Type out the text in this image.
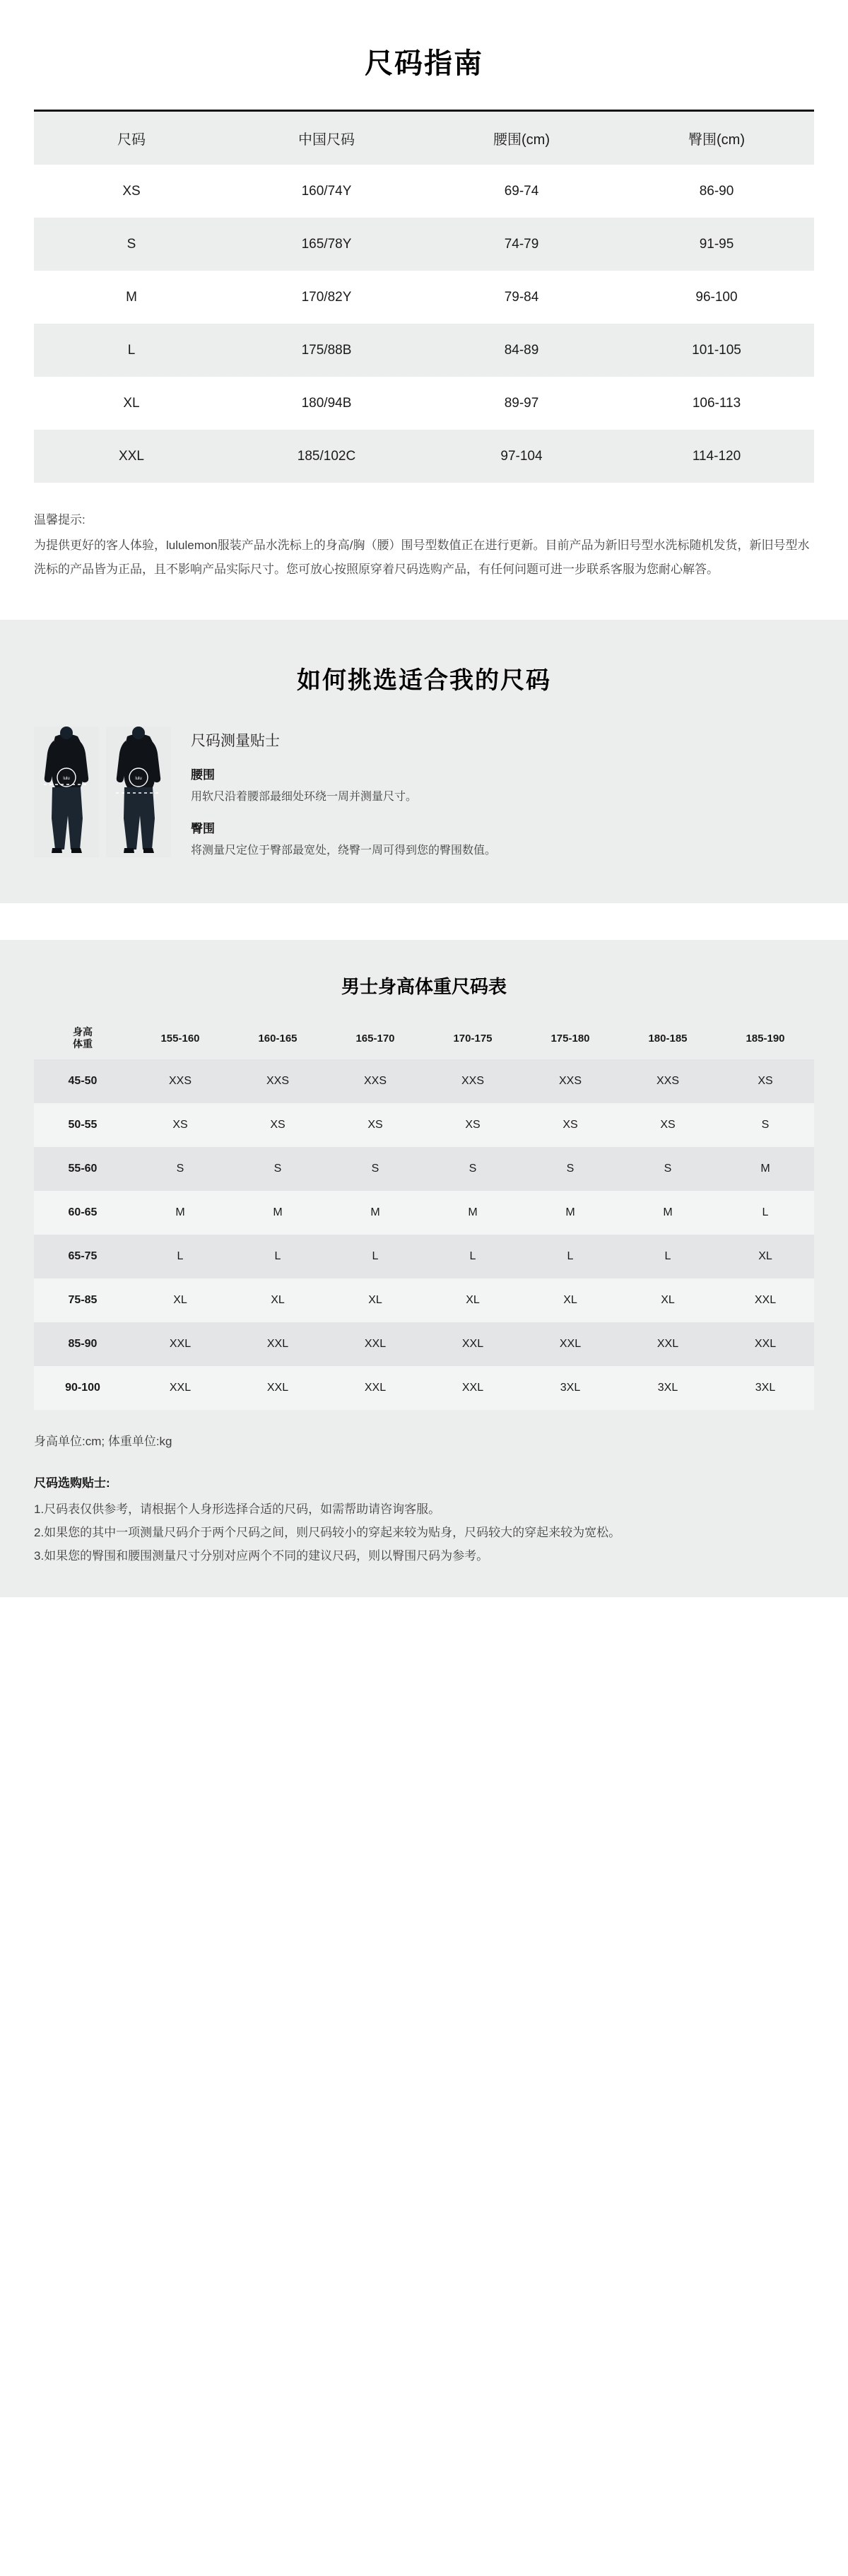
尺码指南
尺码	中国尺码	腰围(cm)	臀围(cm)
XS	160/74Y	69-74	86-90
S	165/78Y	74-79	91-95
M	170/82Y	79-84	96-100
L	175/88B	84-89	101-105
XL	180/94B	89-97	106-113
XXL	185/102C	97-104	114-120
温馨提示:
为提供更好的客人体验，lululemon服装产品水洗标上的身高/胸（腰）围号型数值正在进行更新。目前产品为新旧号型水洗标随机发货，新旧号型水洗标的产品皆为正品，且不影响产品实际尺寸。您可放心按照原穿着尺码选购产品，有任何问题可进一步联系客服为您耐心解答。
如何挑选适合我的尺码
lulu	lulu
尺码测量贴士
腰围
用软尺沿着腰部最细处环绕一周并测量尺寸。
臀围
将测量尺定位于臀部最宽处，绕臀一周可得到您的臀围数值。
男士身高体重尺码表
身高
体重	155-160	160-165	165-170	170-175	175-180	180-185	185-190
45-50	XXS	XXS	XXS	XXS	XXS	XXS	XS
50-55	XS	XS	XS	XS	XS	XS	S
55-60	S	S	S	S	S	S	M
60-65	M	M	M	M	M	M	L
65-75	L	L	L	L	L	L	XL
75-85	XL	XL	XL	XL	XL	XL	XXL
85-90	XXL	XXL	XXL	XXL	XXL	XXL	XXL
90-100	XXL	XXL	XXL	XXL	3XL	3XL	3XL
身高单位:cm; 体重单位:kg
尺码选购贴士:

1.尺码表仅供参考，请根据个人身形选择合适的尺码，如需帮助请咨询客服。

2.如果您的其中一项测量尺码介于两个尺码之间，则尺码较小的穿起来较为贴身，尺码较大的穿起来较为宽松。

3.如果您的臀围和腰围测量尺寸分别对应两个不同的建议尺码，则以臀围尺码为参考。
